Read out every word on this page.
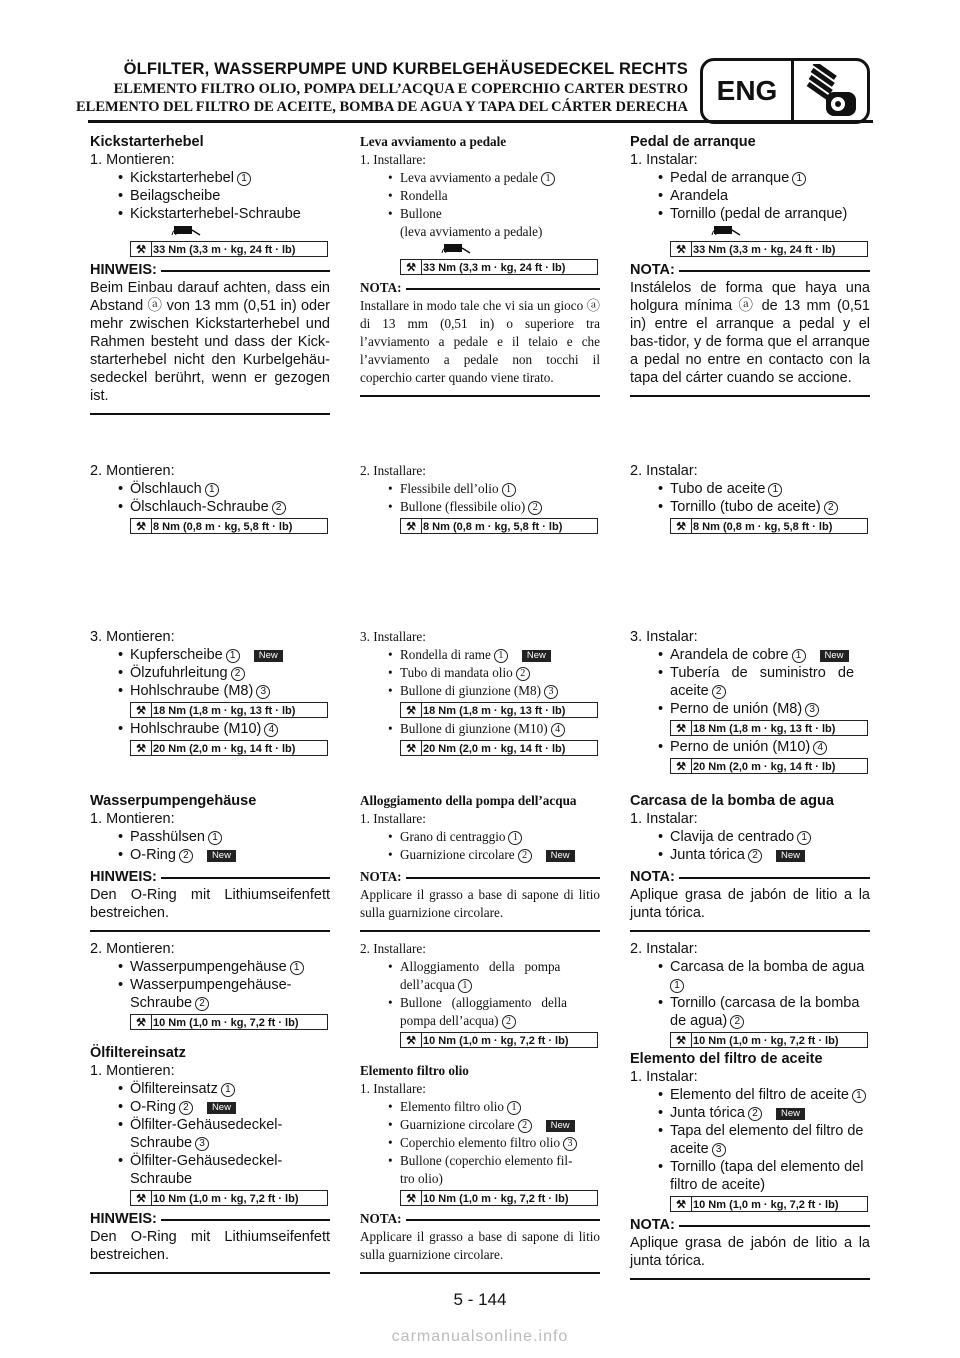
ÖLFILTER, WASSERPUMPE UND KURBELGEHÄUSEDECKEL RECHTS
ELEMENTO FILTRO OLIO, POMPA DELL’ACQUA E COPERCHIO CARTER DESTRO
ELEMENTO DEL FILTRO DE ACEITE, BOMBA DE AGUA Y TAPA DEL CÁRTER DERECHA
ENG
Kickstarterhebel
1. Montieren:
• Kickstarterhebel 1
• Beilagscheibe
• Kickstarterhebel-Schraube
⚒ 33 Nm (3,3 m · kg, 24 ft · lb)
HINWEIS:
Beim Einbau darauf achten, dass ein Abstand ⓐ von 13 mm (0,51 in) oder mehr zwischen Kickstarterhebel und Rahmen besteht und dass der Kick-starterhebel nicht den Kurbelgehäu-sedeckel berührt, wenn er gezogen ist.
2. Montieren:
• Ölschlauch 1
• Ölschlauch-Schraube 2
⚒ 8 Nm (0,8 m · kg, 5,8 ft · lb)
3. Montieren:
• Kupferscheibe 1 New
• Ölzufuhrleitung 2
• Hohlschraube (M8) 3
⚒ 18 Nm (1,8 m · kg, 13 ft · lb)
• Hohlschraube (M10) 4
⚒ 20 Nm (2,0 m · kg, 14 ft · lb)
Wasserpumpengehäuse
1. Montieren:
• Passhülsen 1
• O-Ring 2 New
HINWEIS:
Den O-Ring mit Lithiumseifenfett bestreichen.
2. Montieren:
• Wasserpumpengehäuse 1
• Wasserpumpengehäuse-
Schraube 2
⚒ 10 Nm (1,0 m · kg, 7,2 ft · lb)
Ölfiltereinsatz
1. Montieren:
• Ölfiltereinsatz 1
• O-Ring 2 New
• Ölfilter-Gehäusedeckel-
Schraube 3
• Ölfilter-Gehäusedeckel-
Schraube
⚒ 10 Nm (1,0 m · kg, 7,2 ft · lb)
HINWEIS:
Den O-Ring mit Lithiumseifenfett bestreichen.
Leva avviamento a pedale
1. Installare:
• Leva avviamento a pedale 1
• Rondella
• Bullone
(leva avviamento a pedale)
⚒ 33 Nm (3,3 m · kg, 24 ft · lb)
NOTA:
Installare in modo tale che vi sia un gioco ⓐ di 13 mm (0,51 in) o superiore tra l’avviamento a pedale e il telaio e che l’avviamento a pedale non tocchi il coperchio carter quando viene tirato.
2. Installare:
• Flessibile dell’olio 1
• Bullone (flessibile olio) 2
⚒ 8 Nm (0,8 m · kg, 5,8 ft · lb)
3. Installare:
• Rondella di rame 1 New
• Tubo di mandata olio 2
• Bullone di giunzione (M8) 3
⚒ 18 Nm (1,8 m · kg, 13 ft · lb)
• Bullone di giunzione (M10) 4
⚒ 20 Nm (2,0 m · kg, 14 ft · lb)
Alloggiamento della pompa dell’acqua
1. Installare:
• Grano di centraggio 1
• Guarnizione circolare 2 New
NOTA:
Applicare il grasso a base di sapone di litio sulla guarnizione circolare.
2. Installare:
• Alloggiamento   della   pompa
dell’acqua 1
• Bullone   (alloggiamento   della
pompa dell’acqua) 2
⚒ 10 Nm (1,0 m · kg, 7,2 ft · lb)
Elemento filtro olio
1. Installare:
• Elemento filtro olio 1
• Guarnizione circolare 2 New
• Coperchio elemento filtro olio 3
• Bullone (coperchio elemento fil-
tro olio)
⚒ 10 Nm (1,0 m · kg, 7,2 ft · lb)
NOTA:
Applicare il grasso a base di sapone di litio sulla guarnizione circolare.
Pedal de arranque
1. Instalar:
• Pedal de arranque 1
• Arandela
• Tornillo (pedal de arranque)
⚒ 33 Nm (3,3 m · kg, 24 ft · lb)
NOTA:
Instálelos de forma que haya una holgura mínima ⓐ de 13 mm (0,51 in) entre el arranque a pedal y el bas-tidor, y de forma que el arranque a pedal no entre en contacto con la tapa del cárter cuando se accione.
2. Instalar:
• Tubo de aceite 1
• Tornillo (tubo de aceite) 2
⚒ 8 Nm (0,8 m · kg, 5,8 ft · lb)
3. Instalar:
• Arandela de cobre 1 New
• Tubería   de   suministro   de
aceite 2
• Perno de unión (M8) 3
⚒ 18 Nm (1,8 m · kg, 13 ft · lb)
• Perno de unión (M10) 4
⚒ 20 Nm (2,0 m · kg, 14 ft · lb)
Carcasa de la bomba de agua
1. Instalar:
• Clavija de centrado 1
• Junta tórica 2 New
NOTA:
Aplique grasa de jabón de litio a la junta tórica.
2. Instalar:
• Carcasa de la bomba de agua
1
• Tornillo (carcasa de la bomba
de agua) 2
⚒ 10 Nm (1,0 m · kg, 7,2 ft · lb)
Elemento del filtro de aceite
1. Instalar:
• Elemento del filtro de aceite 1
• Junta tórica 2 New
• Tapa del elemento del filtro de
aceite 3
• Tornillo (tapa del elemento del
filtro de aceite)
⚒ 10 Nm (1,0 m · kg, 7,2 ft · lb)
NOTA:
Aplique grasa de jabón de litio a la junta tórica.
5 - 144
carmanualsonline.info
